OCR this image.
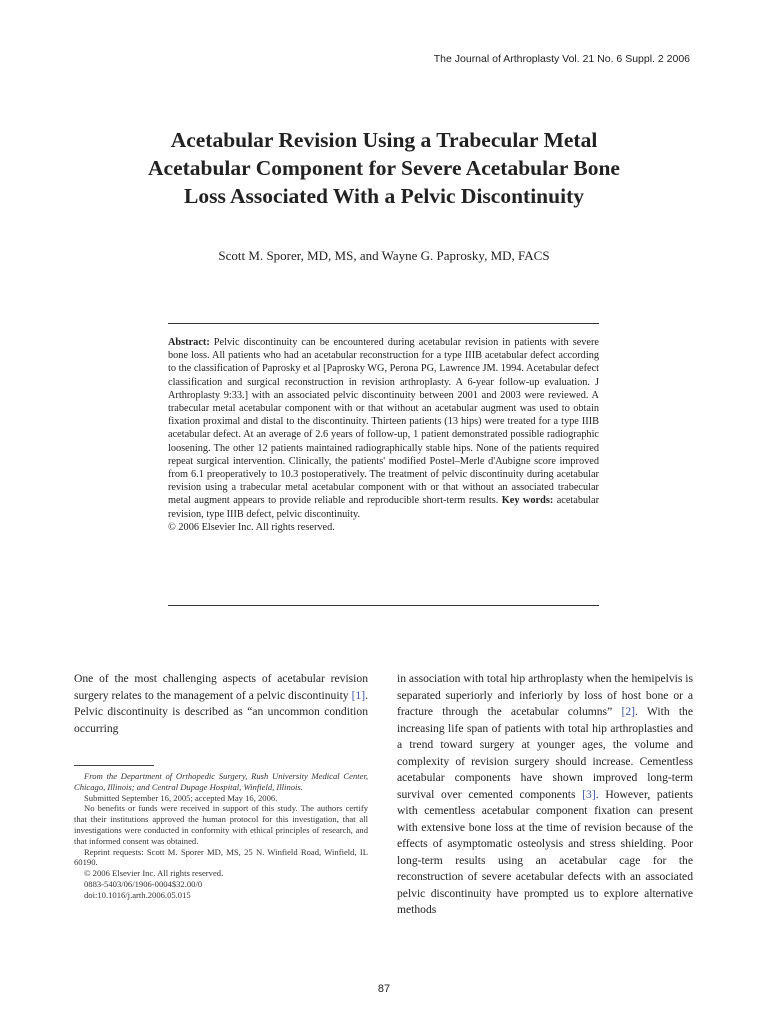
The Journal of Arthroplasty Vol. 21 No. 6 Suppl. 2 2006
Acetabular Revision Using a Trabecular Metal
Acetabular Component for Severe Acetabular Bone
Loss Associated With a Pelvic Discontinuity
Scott M. Sporer, MD, MS, and Wayne G. Paprosky, MD, FACS
Abstract: Pelvic discontinuity can be encountered during acetabular revision in patients with severe bone loss. All patients who had an acetabular reconstruction for a type IIIB acetabular defect according to the classification of Paprosky et al [Paprosky WG, Perona PG, Lawrence JM. 1994. Acetabular defect classification and surgical reconstruction in revision arthroplasty. A 6-year follow-up evaluation. J Arthroplasty 9:33.] with an associated pelvic discontinuity between 2001 and 2003 were reviewed. A trabecular metal acetabular component with or that without an acetabular augment was used to obtain fixation proximal and distal to the discontinuity. Thirteen patients (13 hips) were treated for a type IIIB acetabular defect. At an average of 2.6 years of follow-up, 1 patient demonstrated possible radiographic loosening. The other 12 patients maintained radiographically stable hips. None of the patients required repeat surgical intervention. Clinically, the patients' modified Postel–Merle d'Aubigne score improved from 6.1 preoperatively to 10.3 postoperatively. The treatment of pelvic discontinuity during acetabular revision using a trabecular metal acetabular component with or that without an associated trabecular metal augment appears to provide reliable and reproducible short-term results. Key words: acetabular revision, type IIIB defect, pelvic discontinuity.
© 2006 Elsevier Inc. All rights reserved.
One of the most challenging aspects of acetabular revision surgery relates to the management of a pelvic discontinuity [1]. Pelvic discontinuity is described as “an uncommon condition occurring

From the Department of Orthopedic Surgery, Rush University Medical Center, Chicago, Illinois; and Central Dupage Hospital, Winfield, Illinois.

Submitted September 16, 2005; accepted May 16, 2006.

No benefits or funds were received in support of this study. The authors certify that their institutions approved the human protocol for this investigation, that all investigations were conducted in conformity with ethical principles of research, and that informed consent was obtained.

Reprint requests: Scott M. Sporer MD, MS, 25 N. Winfield Road, Winfield, IL 60190.

© 2006 Elsevier Inc. All rights reserved.

0883-5403/06/1906-0004$32.00/0

doi:10.1016/j.arth.2006.05.015

in association with total hip arthroplasty when the hemipelvis is separated superiorly and inferiorly by loss of host bone or a fracture through the acetabular columns” [2]. With the increasing life span of patients with total hip arthroplasties and a trend toward surgery at younger ages, the volume and complexity of revision surgery should increase. Cementless acetabular components have shown improved long-term survival over cemented components [3]. However, patients with cementless acetabular component fixation can present with extensive bone loss at the time of revision because of the effects of asymptomatic osteolysis and stress shielding. Poor long-term results using an acetabular cage for the reconstruction of severe acetabular defects with an associated pelvic discontinuity have prompted us to explore alternative methods
87
